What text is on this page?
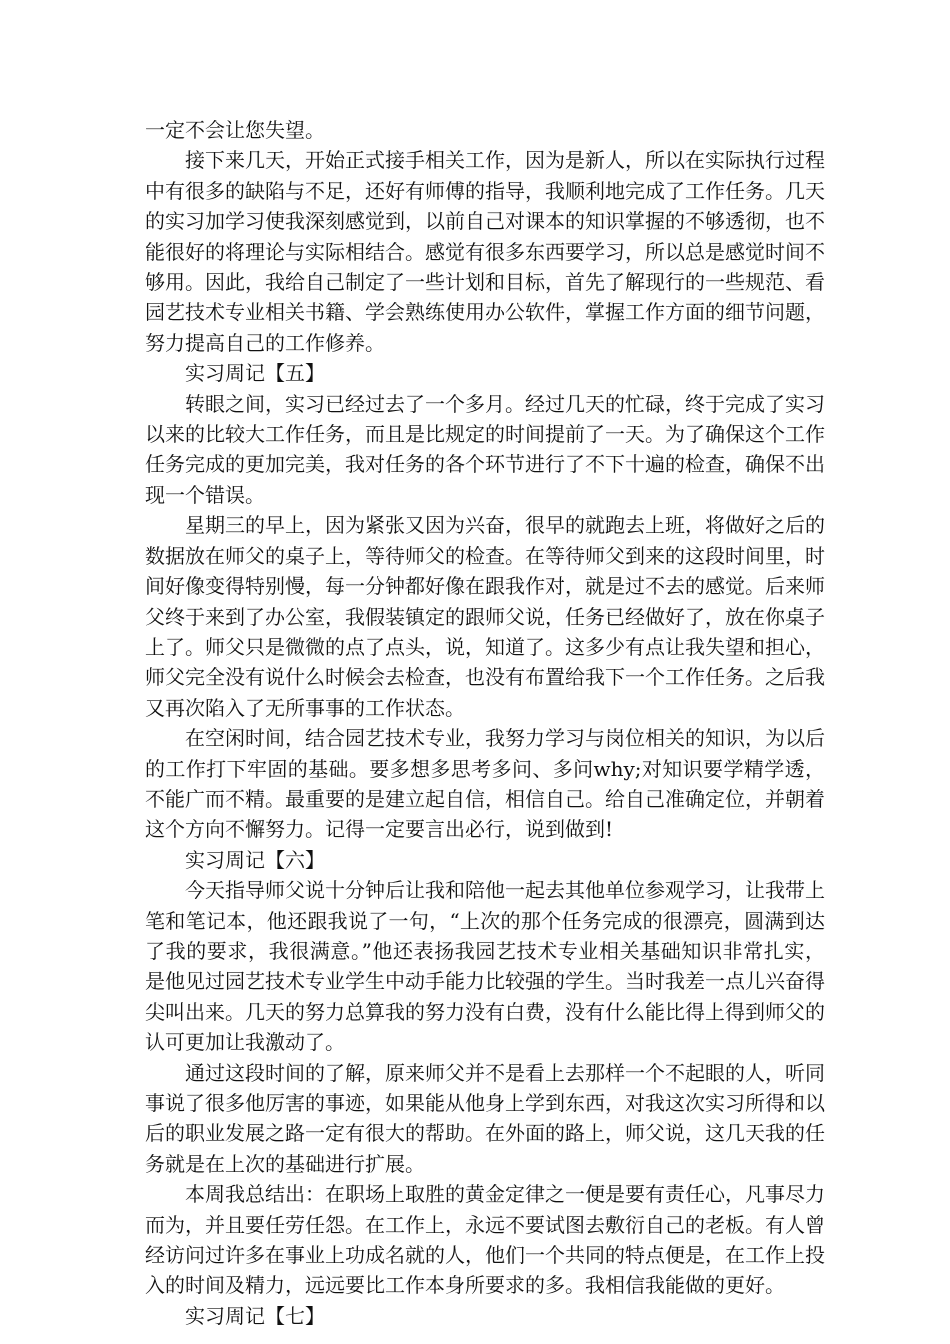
一定不会让您失望。

接下来几天，开始正式接手相关工作，因为是新人，所以在实际执行过程中有很多的缺陷与不足，还好有师傅的指导，我顺利地完成了工作任务。几天的实习加学习使我深刻感觉到，以前自己对课本的知识掌握的不够透彻，也不能很好的将理论与实际相结合。感觉有很多东西要学习，所以总是感觉时间不够用。因此，我给自己制定了一些计划和目标，首先了解现行的一些规范、看园艺技术专业相关书籍、学会熟练使用办公软件，掌握工作方面的细节问题，努力提高自己的工作修养。

实习周记【五】

转眼之间，实习已经过去了一个多月。经过几天的忙碌，终于完成了实习以来的比较大工作任务，而且是比规定的时间提前了一天。为了确保这个工作任务完成的更加完美，我对任务的各个环节进行了不下十遍的检查，确保不出现一个错误。

星期三的早上，因为紧张又因为兴奋，很早的就跑去上班，将做好之后的数据放在师父的桌子上，等待师父的检查。在等待师父到来的这段时间里，时间好像变得特别慢，每一分钟都好像在跟我作对，就是过不去的感觉。后来师父终于来到了办公室，我假装镇定的跟师父说，任务已经做好了，放在你桌子上了。师父只是微微的点了点头，说，知道了。这多少有点让我失望和担心，师父完全没有说什么时候会去检查，也没有布置给我下一个工作任务。之后我又再次陷入了无所事事的工作状态。

在空闲时间，结合园艺技术专业，我努力学习与岗位相关的知识，为以后的工作打下牢固的基础。要多想多思考多问、多问why;对知识要学精学透，不能广而不精。最重要的是建立起自信，相信自己。给自己准确定位，并朝着这个方向不懈努力。记得一定要言出必行，说到做到!

实习周记【六】

今天指导师父说十分钟后让我和陪他一起去其他单位参观学习，让我带上笔和笔记本，他还跟我说了一句，“上次的那个任务完成的很漂亮，圆满到达了我的要求，我很满意。”他还表扬我园艺技术专业相关基础知识非常扎实，是他见过园艺技术专业学生中动手能力比较强的学生。当时我差一点儿兴奋得尖叫出来。几天的努力总算我的努力没有白费，没有什么能比得上得到师父的认可更加让我激动了。

通过这段时间的了解，原来师父并不是看上去那样一个不起眼的人，听同事说了很多他厉害的事迹，如果能从他身上学到东西，对我这次实习所得和以后的职业发展之路一定有很大的帮助。在外面的路上，师父说，这几天我的任务就是在上次的基础进行扩展。

本周我总结出：在职场上取胜的黄金定律之一便是要有责任心，凡事尽力而为，并且要任劳任怨。在工作上，永远不要试图去敷衍自己的老板。有人曾经访问过许多在事业上功成名就的人，他们一个共同的特点便是，在工作上投入的时间及精力，远远要比工作本身所要求的多。我相信我能做的更好。

实习周记【七】
